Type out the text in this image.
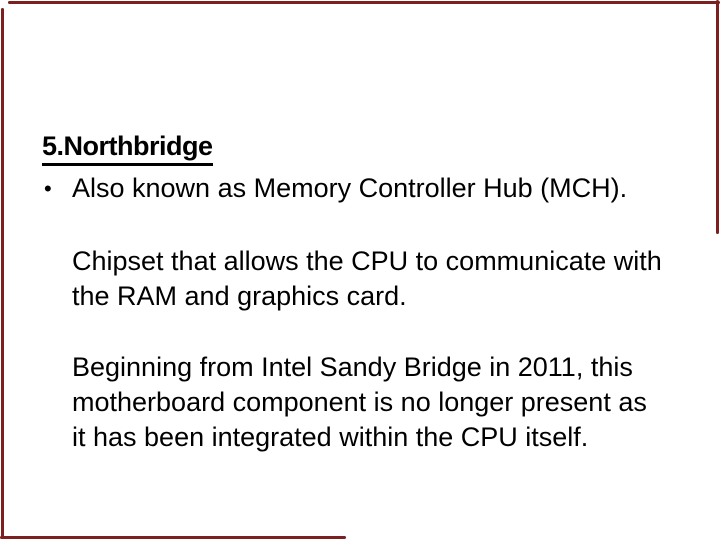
5.Northbridge
• Also known as Memory Controller Hub (MCH).
Chipset that allows the CPU to communicate with
the RAM and graphics card.
Beginning from Intel Sandy Bridge in 2011, this
motherboard component is no longer present as
it has been integrated within the CPU itself.
